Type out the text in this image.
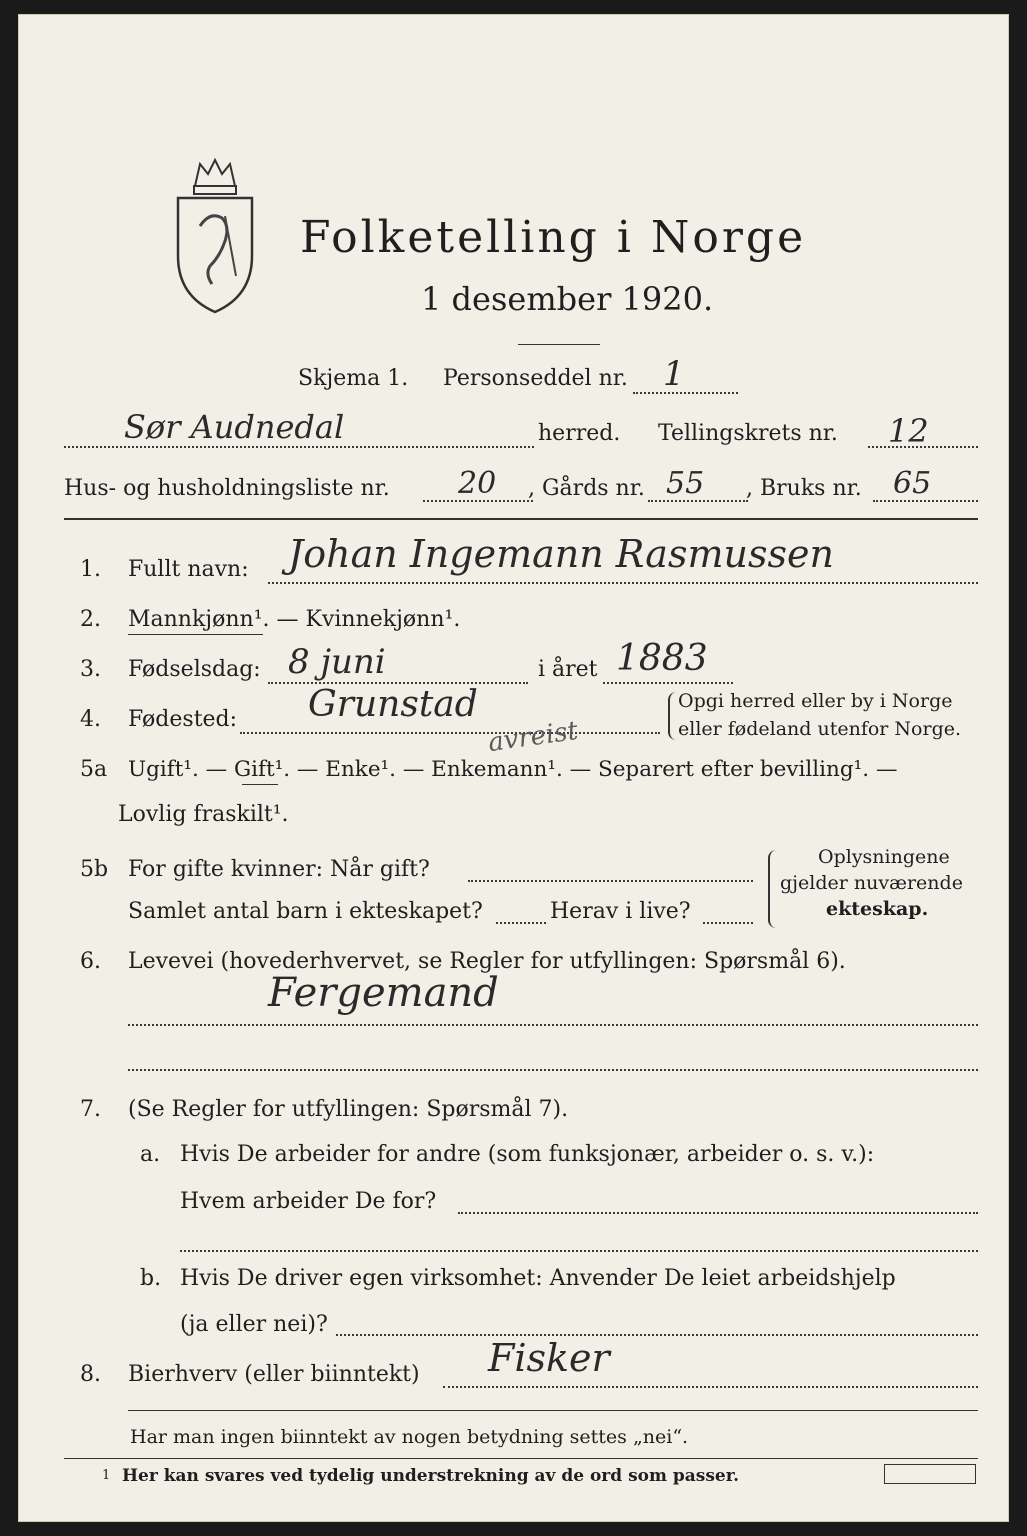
Folketelling i Norge
1 desember 1920.
Skjema 1. Personseddel nr. 1
Sør Audnedal	herred. Tellingskrets nr. 12
Hus- og husholdningsliste nr. 20 , Gårds nr. 55 , Bruks nr. 65
1. Fullt navn: Johan Ingemann Rasmussen
2. Mannkjønn¹. — Kvinnekjønn¹.
3. Fødselsdag: 8 juni	i året 1883
4. Fødested: Grunstad	Opgi herred eller by i Norge
eller fødeland utenfor Norge.
5a Ugift¹. — Gift¹. — Enke¹. — Enkemann¹. — Separert efter bevilling¹. —
avreist
Lovlig fraskilt¹.
5b For gifte kvinner: Når gift?
Samlet antal barn i ekteskapet?	Herav i live?
Oplysningene
gjelder nuværende
ekteskap.
6. Levevei (hovederhvervet, se Regler for utfyllingen: Spørsmål 6).
Fergemand
7. (Se Regler for utfyllingen: Spørsmål 7).
a. Hvis De arbeider for andre (som funksjonær, arbeider o. s. v.):
Hvem arbeider De for?
b. Hvis De driver egen virksomhet: Anvender De leiet arbeidshjelp
(ja eller nei)?
8. Bierhverv (eller biinntekt) Fisker
Har man ingen biinntekt av nogen betydning settes „nei“.
1 Her kan svares ved tydelig understrekning av de ord som passer.
